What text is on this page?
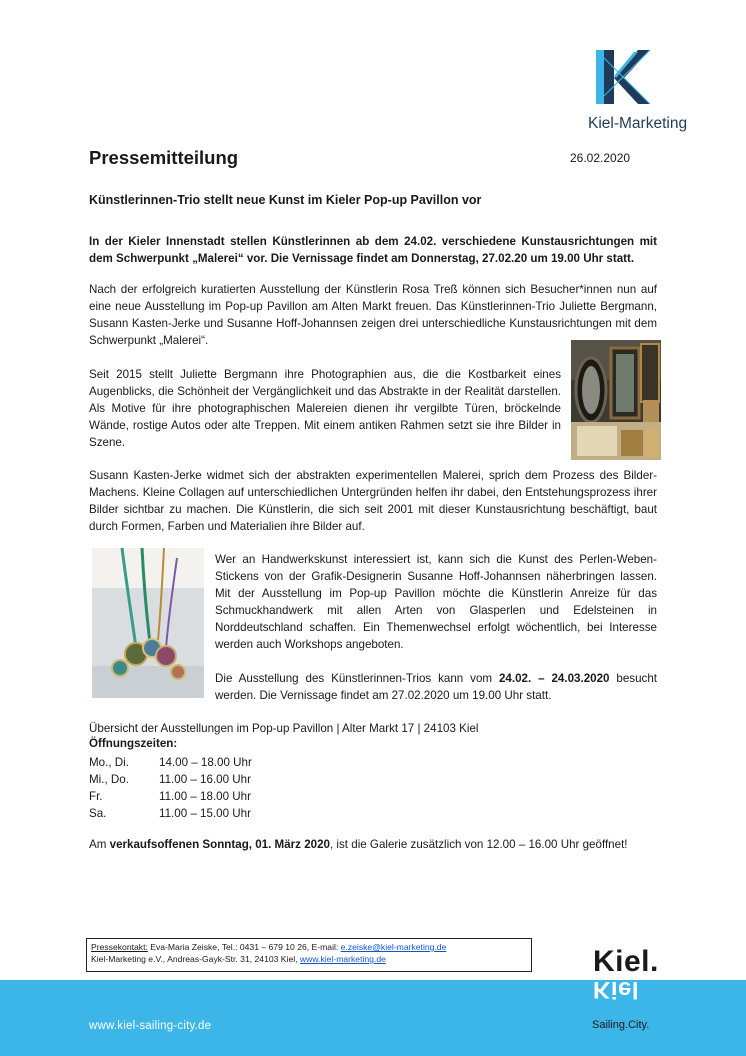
Kiel-Marketing
Pressemitteilung	26.02.2020
Künstlerinnen-Trio stellt neue Kunst im Kieler Pop-up Pavillon vor

In der Kieler Innenstadt stellen Künstlerinnen ab dem 24.02. verschiedene Kunstausrichtungen mit dem Schwerpunkt „Malerei“ vor. Die Vernissage findet am Donnerstag, 27.02.20 um 19.00 Uhr statt.

Nach der erfolgreich kuratierten Ausstellung der Künstlerin Rosa Treß können sich Besucher*innen nun auf eine neue Ausstellung im Pop-up Pavillon am Alten Markt freuen. Das Künstlerinnen-Trio Juliette Bergmann, Susann Kasten-Jerke und Susanne Hoff-Johannsen zeigen drei unterschiedliche Kunstausrichtungen mit dem Schwerpunkt „Malerei“.

Seit 2015 stellt Juliette Bergmann ihre Photographien aus, die die Kostbarkeit eines Augenblicks, die Schönheit der Vergänglichkeit und das Abstrakte in der Realität darstellen. Als Motive für ihre photographischen Malereien dienen ihr vergilbte Türen, bröckelnde Wände, rostige Autos oder alte Treppen. Mit einem antiken Rahmen setzt sie ihre Bilder in Szene.

Susann Kasten-Jerke widmet sich der abstrakten experimentellen Malerei, sprich dem Prozess des Bilder-Machens. Kleine Collagen auf unterschiedlichen Untergründen helfen ihr dabei, den Entstehungsprozess ihrer Bilder sichtbar zu machen. Die Künstlerin, die sich seit 2001 mit dieser Kunstausrichtung beschäftigt, baut durch Formen, Farben und Materialien ihre Bilder auf.

Wer an Handwerkskunst interessiert ist, kann sich die Kunst des Perlen-Weben-Stickens von der Grafik-Designerin Susanne Hoff-Johannsen näherbringen lassen. Mit der Ausstellung im Pop-up Pavillon möchte die Künstlerin Anreize für das Schmuckhandwerk mit allen Arten von Glasperlen und Edelsteinen in Norddeutschland schaffen. Ein Themenwechsel erfolgt wöchentlich, bei Interesse werden auch Workshops angeboten.

Die Ausstellung des Künstlerinnen-Trios kann vom 24.02. – 24.03.2020 besucht werden. Die Vernissage findet am 27.02.2020 um 19.00 Uhr statt.

Übersicht der Ausstellungen im Pop-up Pavillon | Alter Markt 17 | 24103 Kiel
Öffnungszeiten:
Mo., Di.	14.00 – 18.00 Uhr
Mi., Do.	11.00 – 16.00 Uhr
Fr.	11.00 – 18.00 Uhr
Sa.	11.00 – 15.00 Uhr
Am verkaufsoffenen Sonntag, 01. März 2020, ist die Galerie zusätzlich von 12.00 – 16.00 Uhr geöffnet!
Pressekontakt: Eva-Maria Zeiske, Tel.: 0431 – 679 10 26, E-mail: e.zeiske@kiel-marketing.de
Kiel-Marketing e.V., Andreas-Gayk-Str. 31, 24103 Kiel, www.kiel-marketing.de
www.kiel-sailing-city.de
Kiel.
Kiel
Sailing.City.
